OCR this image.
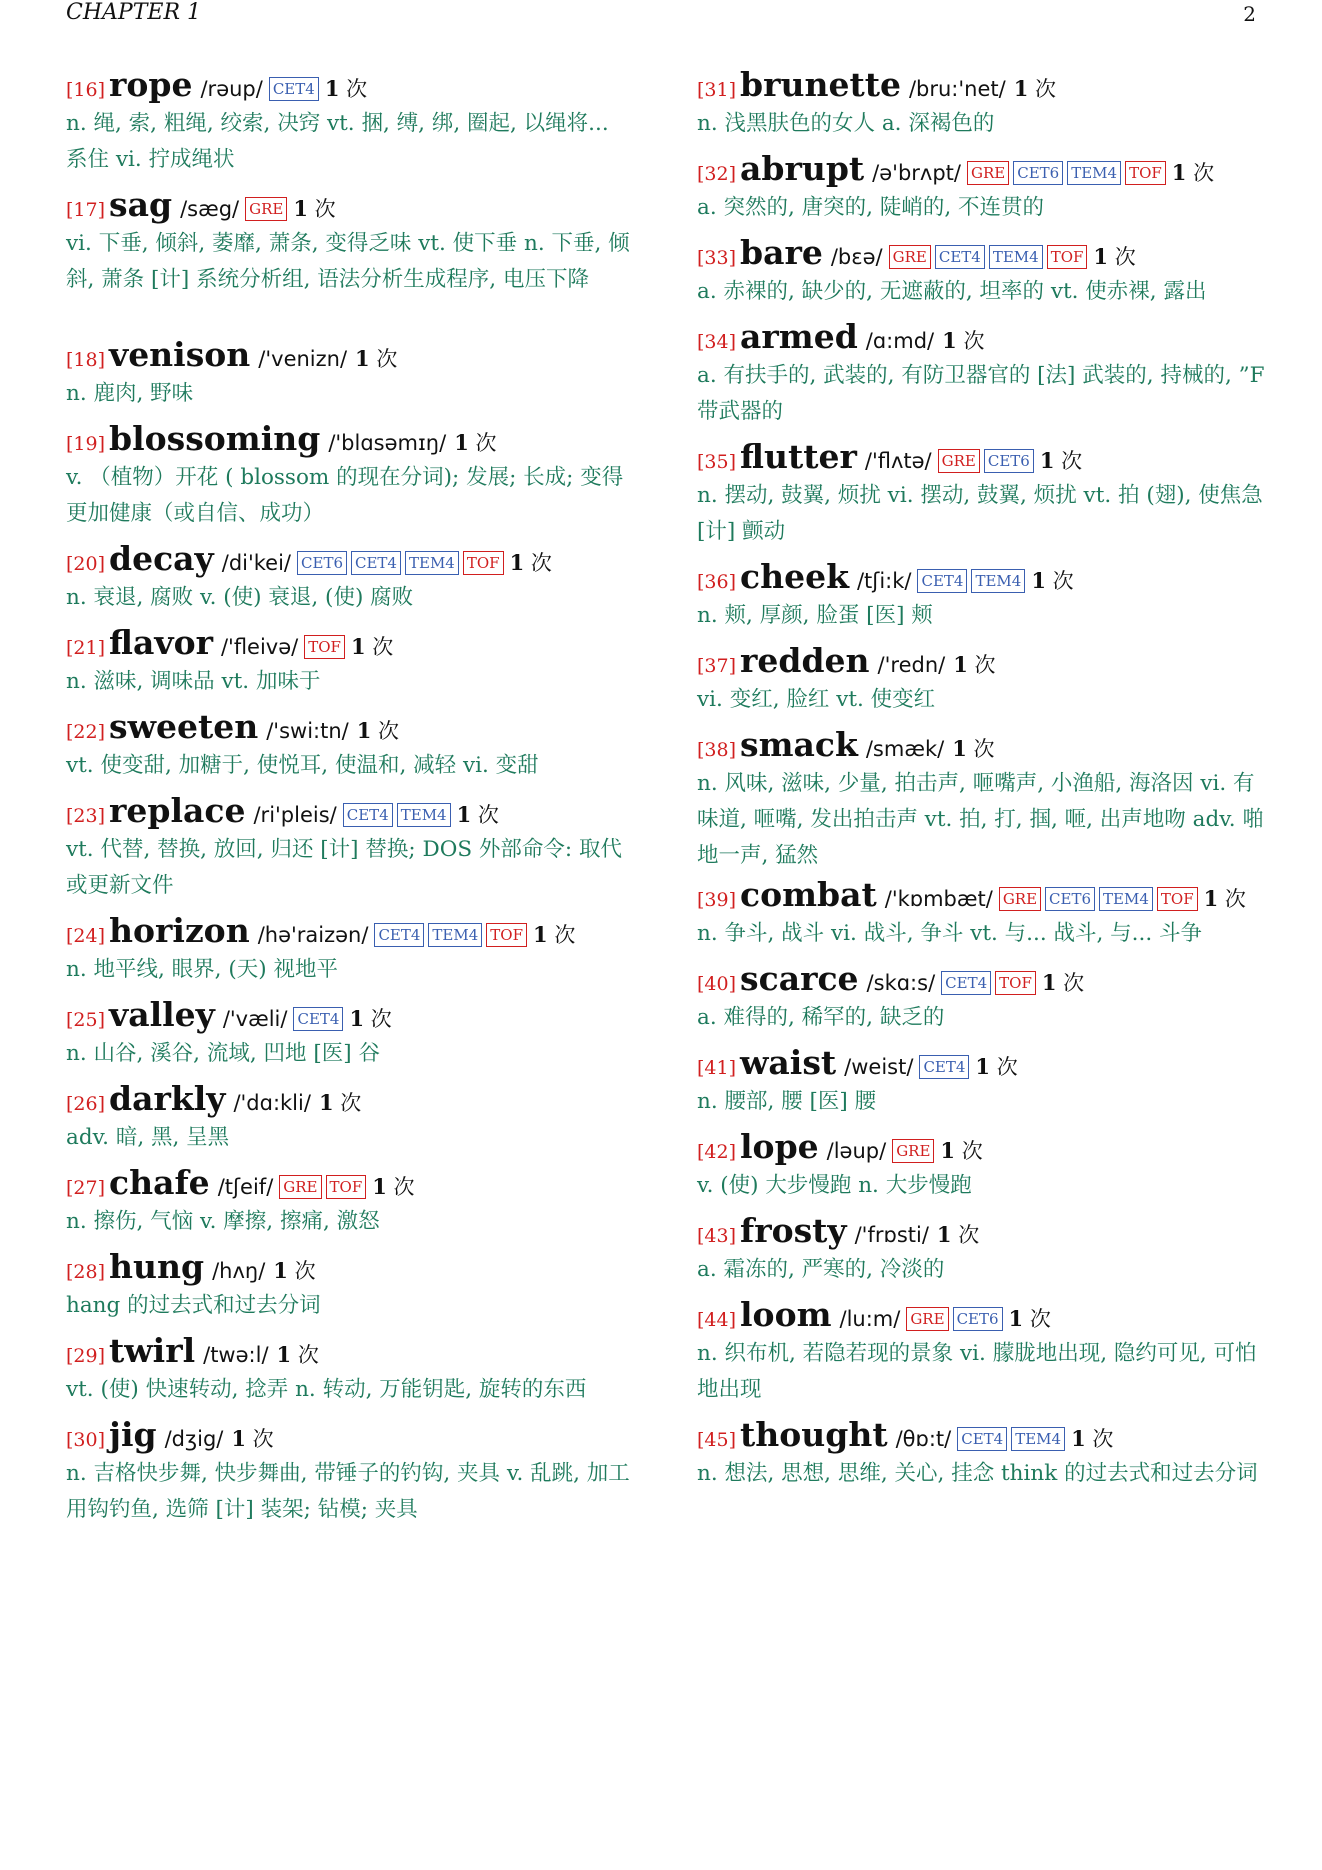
CHAPTER 1	2
[16] rope /rəup/ CET4 1 次
n. 绳, 索, 粗绳, 绞索, 决窍 vt. 捆, 缚, 绑, 圈起, 以绳将... 系住 vi. 拧成绳状
[17] sag /sæg/ GRE 1 次
vi. 下垂, 倾斜, 萎靡, 萧条, 变得乏味 vt. 使下垂 n. 下垂, 倾斜, 萧条 [计] 系统分析组, 语法分析生成程序, 电压下降
[18] venison /'venizn/ 1 次
n. 鹿肉, 野味
[19] blossoming /'blɑsəmɪŋ/ 1 次
v. （植物）开花 ( blossom 的现在分词); 发展; 长成; 变得更加健康（或自信、成功）
[20] decay /di'kei/ CET6 CET4 TEM4 TOF 1 次
n. 衰退, 腐败 v. (使) 衰退, (使) 腐败
[21] flavor /'fleivə/ TOF 1 次
n. 滋味, 调味品 vt. 加味于
[22] sweeten /'swi:tn/ 1 次
vt. 使变甜, 加糖于, 使悦耳, 使温和, 减轻 vi. 变甜
[23] replace /ri'pleis/ CET4 TEM4 1 次
vt. 代替, 替换, 放回, 归还 [计] 替换; DOS 外部命令: 取代或更新文件
[24] horizon /hə'raizən/ CET4 TEM4 TOF 1 次
n. 地平线, 眼界, (天) 视地平
[25] valley /'væli/ CET4 1 次
n. 山谷, 溪谷, 流域, 凹地 [医] 谷
[26] darkly /'dɑ:kli/ 1 次
adv. 暗, 黑, 呈黑
[27] chafe /tʃeif/ GRE TOF 1 次
n. 擦伤, 气恼 v. 摩擦, 擦痛, 激怒
[28] hung /hʌŋ/ 1 次
hang 的过去式和过去分词
[29] twirl /twə:l/ 1 次
vt. (使) 快速转动, 捻弄 n. 转动, 万能钥匙, 旋转的东西
[30] jig /dʒig/ 1 次
n. 吉格快步舞, 快步舞曲, 带锤子的钓钩, 夹具 v. 乱跳, 加工用钩钓鱼, 选筛 [计] 装架; 钻模; 夹具
[31] brunette /bru:'net/ 1 次
n. 浅黑肤色的女人 a. 深褐色的
[32] abrupt /ə'brʌpt/ GRE CET6 TEM4 TOF 1 次
a. 突然的, 唐突的, 陡峭的, 不连贯的
[33] bare /bɛə/ GRE CET4 TEM4 TOF 1 次
a. 赤裸的, 缺少的, 无遮蔽的, 坦率的 vt. 使赤裸, 露出
[34] armed /ɑ:md/ 1 次
a. 有扶手的, 武装的, 有防卫器官的 [法] 武装的, 持械的, ”F 带武器的
[35] flutter /'flʌtə/ GRE CET6 1 次
n. 摆动, 鼓翼, 烦扰 vi. 摆动, 鼓翼, 烦扰 vt. 拍 (翅), 使焦急 [计] 颤动
[36] cheek /tʃi:k/ CET4 TEM4 1 次
n. 颊, 厚颜, 脸蛋 [医] 颊
[37] redden /'redn/ 1 次
vi. 变红, 脸红 vt. 使变红
[38] smack /smæk/ 1 次
n. 风味, 滋味, 少量, 拍击声, 咂嘴声, 小渔船, 海洛因 vi. 有味道, 咂嘴, 发出拍击声 vt. 拍, 打, 掴, 咂, 出声地吻 adv. 啪地一声, 猛然
[39] combat /'kɒmbæt/ GRE CET6 TEM4 TOF 1 次
n. 争斗, 战斗 vi. 战斗, 争斗 vt. 与... 战斗, 与... 斗争
[40] scarce /skɑ:s/ CET4 TOF 1 次
a. 难得的, 稀罕的, 缺乏的
[41] waist /weist/ CET4 1 次
n. 腰部, 腰 [医] 腰
[42] lope /ləup/ GRE 1 次
v. (使) 大步慢跑 n. 大步慢跑
[43] frosty /'frɒsti/ 1 次
a. 霜冻的, 严寒的, 冷淡的
[44] loom /lu:m/ GRE CET6 1 次
n. 织布机, 若隐若现的景象 vi. 朦胧地出现, 隐约可见, 可怕地出现
[45] thought /θɒ:t/ CET4 TEM4 1 次
n. 想法, 思想, 思维, 关心, 挂念 think 的过去式和过去分词
